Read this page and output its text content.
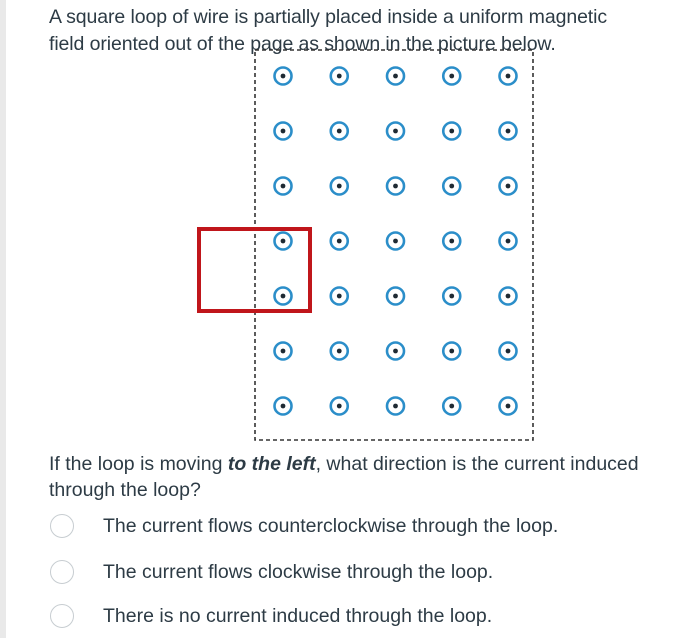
A square loop of wire is partially placed inside a uniform magnetic
field oriented out of the page as shown in the picture below.
If the loop is moving to the left, what direction is the current induced through the loop?
The current flows counterclockwise through the loop.
The current flows clockwise through the loop.
There is no current induced through the loop.
